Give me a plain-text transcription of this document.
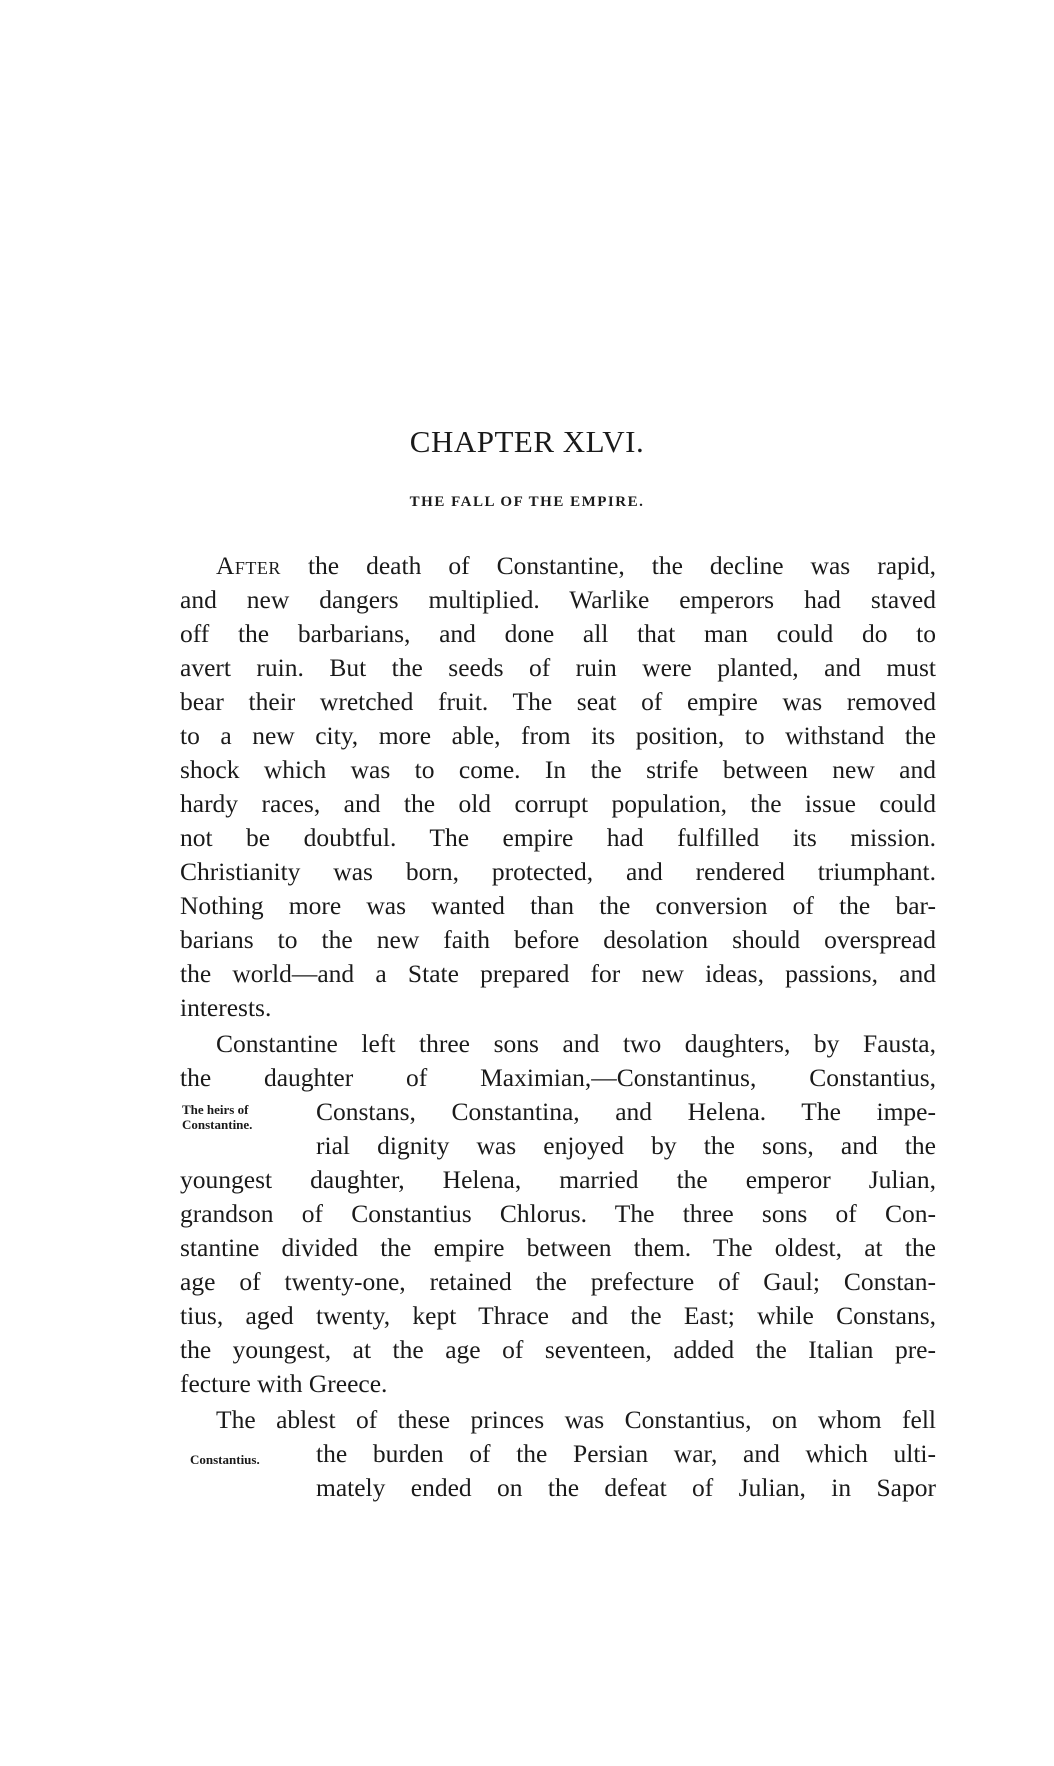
CHAPTER XLVI.
THE FALL OF THE EMPIRE.
After the death of Constantine, the decline was rapid,
and new dangers multiplied. Warlike emperors had staved
off the barbarians, and done all that man could do to
avert ruin. But the seeds of ruin were planted, and must
bear their wretched fruit. The seat of empire was removed
to a new city, more able, from its position, to withstand the
shock which was to come. In the strife between new and
hardy races, and the old corrupt population, the issue could
not be doubtful. The empire had fulfilled its mission.
Christianity was born, protected, and rendered triumphant.
Nothing more was wanted than the conversion of the bar-
barians to the new faith before desolation should overspread
the world—and a State prepared for new ideas, passions, and
interests.
Constantine left three sons and two daughters, by Fausta,
the daughter of Maximian,—Constantinus, Constantius,
Constans, Constantina, and Helena. The impe-
rial dignity was enjoyed by the sons, and the
youngest daughter, Helena, married the emperor Julian,
grandson of Constantius Chlorus. The three sons of Con-
stantine divided the empire between them. The oldest, at the
age of twenty-one, retained the prefecture of Gaul; Constan-
tius, aged twenty, kept Thrace and the East; while Constans,
the youngest, at the age of seventeen, added the Italian pre-
fecture with Greece.
The ablest of these princes was Constantius, on whom fell
the burden of the Persian war, and which ulti-
mately ended on the defeat of Julian, in Sapor
The heirs of
Constantine.
Constantius.
